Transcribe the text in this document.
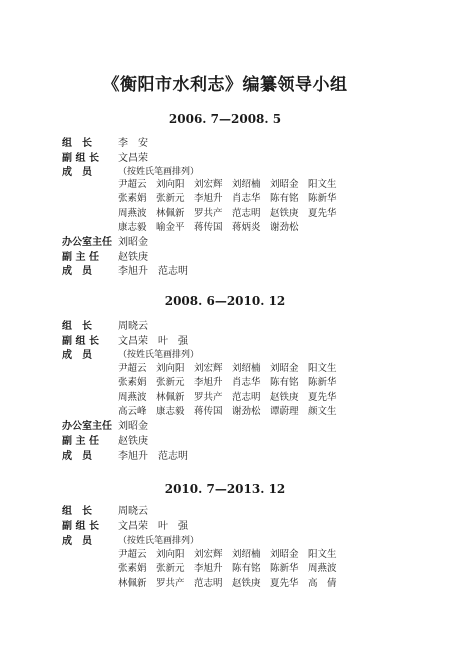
《衡阳市水利志》编纂领导小组
2006. 7—2008. 5
组　长	李　安
副 组 长	文昌荣
成　员	（按姓氏笔画排列）
尹超云 刘向阳 刘宏辉 刘绍楠 刘昭金 阳文生
张素娟 张新元 李旭升 肖志华 陈有铭 陈新华
周燕波 林佩新 罗共产 范志明 赵铁庚 夏先华
康志毅 喻金平 蒋传国 蒋炳炎 谢劲松
办公室主任 刘昭金
副 主 任	赵铁庚
成　员	李旭升　范志明
2008. 6—2010. 12
组　长	周晓云
副 组 长	文昌荣　叶　强
成　员	（按姓氏笔画排列）
尹超云 刘向阳 刘宏辉 刘绍楠 刘昭金 阳文生
张素娟 张新元 李旭升 肖志华 陈有铭 陈新华
周燕波 林佩新 罗共产 范志明 赵铁庚 夏先华
高云峰 康志毅 蒋传国 谢劲松 谭蔚理 颜文生
办公室主任 刘昭金
副 主 任	赵铁庚
成　员	李旭升　范志明
2010. 7—2013. 12
组　长	周晓云
副 组 长	文昌荣　叶　强
成　员	（按姓氏笔画排列）
尹超云 刘向阳 刘宏辉 刘绍楠 刘昭金 阳文生
张素娟 张新元 李旭升 陈有铭 陈新华 周燕波
林佩新 罗共产 范志明 赵铁庚 夏先华 高　倩
